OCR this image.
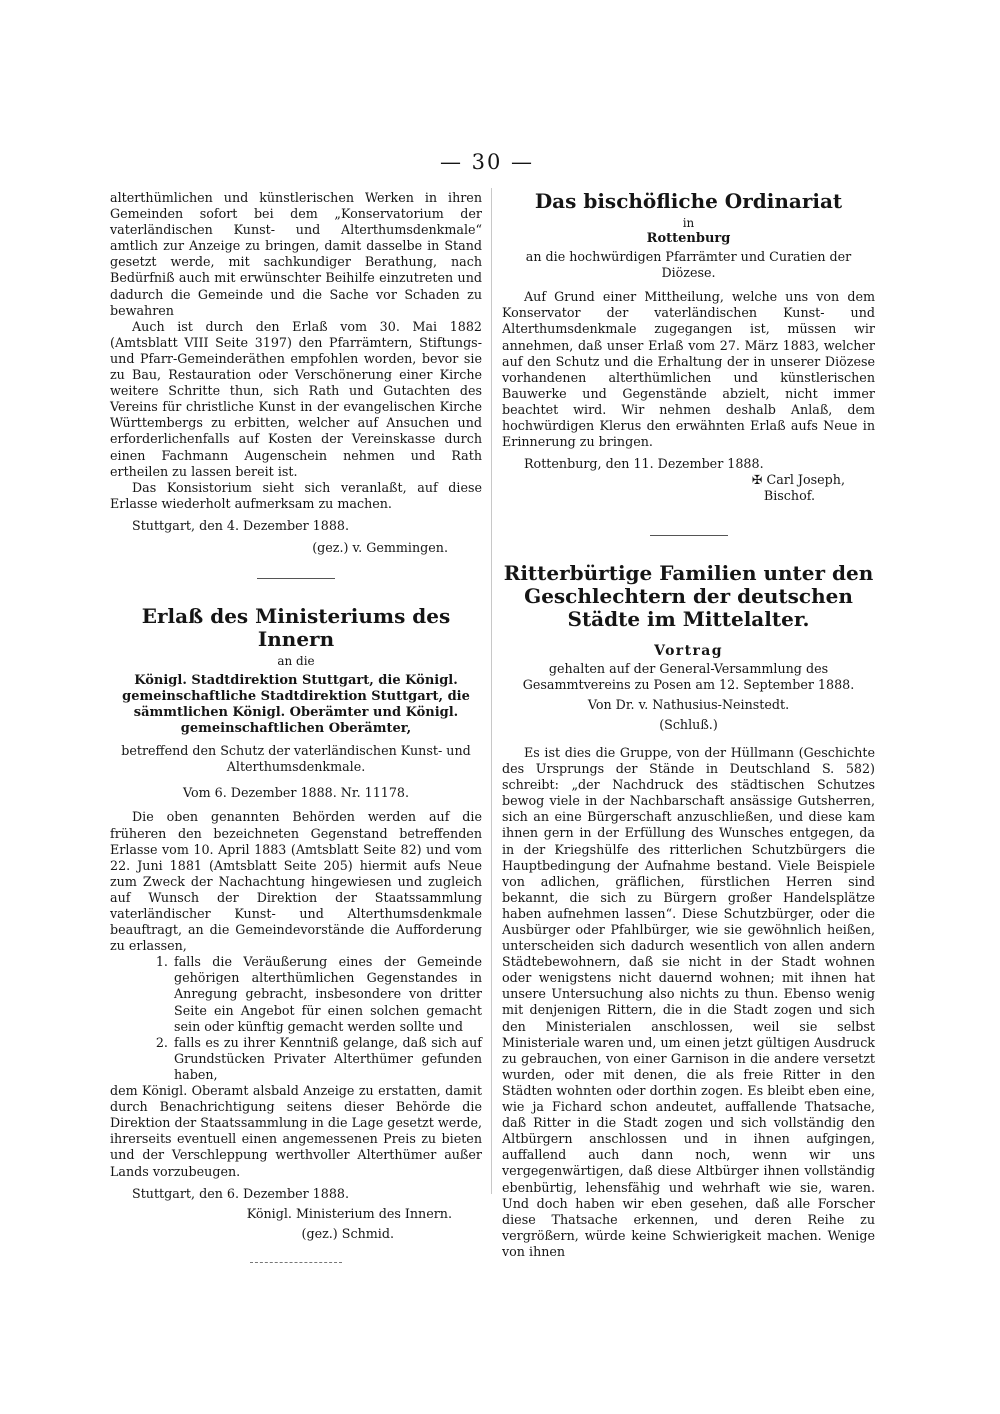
— 30 —

alterthümlichen und künstlerischen Werken in ihren Gemeinden sofort bei dem „Konservatorium der vaterländischen Kunst- und Alterthumsdenkmale“ amtlich zur Anzeige zu bringen, damit dasselbe in Stand gesetzt werde, mit sachkundiger Berathung, nach Bedürfniß auch mit erwünschter Beihilfe einzutreten und dadurch die Gemeinde und die Sache vor Schaden zu bewahren

Auch ist durch den Erlaß vom 30. Mai 1882 (Amtsblatt VIII Seite 3197) den Pfarrämtern, Stiftungs- und Pfarr-Gemeinderäthen empfohlen worden, bevor sie zu Bau, Restauration oder Verschönerung einer Kirche weitere Schritte thun, sich Rath und Gutachten des Vereins für christliche Kunst in der evangelischen Kirche Württembergs zu erbitten, welcher auf Ansuchen und erforderlichenfalls auf Kosten der Vereinskasse durch einen Fachmann Augenschein nehmen und Rath ertheilen zu lassen bereit ist.

Das Konsistorium sieht sich veranlaßt, auf diese Erlasse wiederholt aufmerksam zu machen.

Stuttgart, den 4. Dezember 1888.

(gez.) v. Gemmingen.

Erlaß des Ministeriums des Innern

an die

Königl. Stadtdirektion Stuttgart, die Königl. gemeinschaftliche Stadtdirektion Stuttgart, die sämmtlichen Königl. Oberämter und Königl. gemeinschaftlichen Oberämter,

betreffend den Schutz der vaterländischen Kunst- und Alterthumsdenkmale.

Vom 6. Dezember 1888. Nr. 11178.

Die oben genannten Behörden werden auf die früheren den bezeichneten Gegenstand betreffenden Erlasse vom 10. April 1883 (Amtsblatt Seite 82) und vom 22. Juni 1881 (Amtsblatt Seite 205) hiermit aufs Neue zum Zweck der Nachachtung hingewiesen und zugleich auf Wunsch der Direktion der Staatssammlung vaterländischer Kunst- und Alterthumsdenkmale beauftragt, an die Gemeindevorstände die Aufforderung zu erlassen,

1. falls die Veräußerung eines der Gemeinde gehörigen alterthümlichen Gegenstandes in Anregung gebracht, insbesondere von dritter Seite ein Angebot für einen solchen gemacht sein oder künftig gemacht werden sollte und
2. falls es zu ihrer Kenntniß gelange, daß sich auf Grundstücken Privater Alterthümer gefunden haben,

dem Königl. Oberamt alsbald Anzeige zu erstatten, damit durch Benachrichtigung seitens dieser Behörde die Direktion der Staatssammlung in die Lage gesetzt werde, ihrerseits eventuell einen angemessenen Preis zu bieten und der Verschleppung werthvoller Alterthümer außer Lands vorzubeugen.

Stuttgart, den 6. Dezember 1888.

Königl. Ministerium des Innern.

(gez.) Schmid.

Das bischöfliche Ordinariat

in

Rottenburg

an die hochwürdigen Pfarrämter und Curatien der Diözese.

Auf Grund einer Mittheilung, welche uns von dem Konservator der vaterländischen Kunst- und Alterthumsdenkmale zugegangen ist, müssen wir annehmen, daß unser Erlaß vom 27. März 1883, welcher auf den Schutz und die Erhaltung der in unserer Diözese vorhandenen alterthümlichen und künstlerischen Bauwerke und Gegenstände abzielt, nicht immer beachtet wird. Wir nehmen deshalb Anlaß, dem hochwürdigen Klerus den erwähnten Erlaß aufs Neue in Erinnerung zu bringen.

Rottenburg, den 11. Dezember 1888.

✠ Carl Joseph,

Bischof.

Ritterbürtige Familien unter den Geschlechtern der deutschen Städte im Mittelalter.

Vortrag

gehalten auf der General-Versammlung des Gesammtvereins zu Posen am 12. September 1888.

Von Dr. v. Nathusius-Neinstedt.

(Schluß.)

Es ist dies die Gruppe, von der Hüllmann (Geschichte des Ursprungs der Stände in Deutschland S. 582) schreibt: „der Nachdruck des städtischen Schutzes bewog viele in der Nachbarschaft ansässige Gutsherren, sich an eine Bürgerschaft anzuschließen, und diese kam ihnen gern in der Erfüllung des Wunsches entgegen, da in der Kriegshülfe des ritterlichen Schutzbürgers die Hauptbedingung der Aufnahme bestand. Viele Beispiele von adlichen, gräflichen, fürstlichen Herren sind bekannt, die sich zu Bürgern großer Handelsplätze haben aufnehmen lassen“. Diese Schutzbürger, oder die Ausbürger oder Pfahlbürger, wie sie gewöhnlich heißen, unterscheiden sich dadurch wesentlich von allen andern Städtebewohnern, daß sie nicht in der Stadt wohnen oder wenigstens nicht dauernd wohnen; mit ihnen hat unsere Untersuchung also nichts zu thun. Ebenso wenig mit denjenigen Rittern, die in die Stadt zogen und sich den Ministerialen anschlossen, weil sie selbst Ministeriale waren und, um einen jetzt gültigen Ausdruck zu gebrauchen, von einer Garnison in die andere versetzt wurden, oder mit denen, die als freie Ritter in den Städten wohnten oder dorthin zogen. Es bleibt eben eine, wie ja Fichard schon andeutet, auffallende Thatsache, daß Ritter in die Stadt zogen und sich vollständig den Altbürgern anschlossen und in ihnen aufgingen, auffallend auch dann noch, wenn wir uns vergegenwärtigen, daß diese Altbürger ihnen vollständig ebenbürtig, lehensfähig und wehrhaft wie sie, waren. Und doch haben wir eben gesehen, daß alle Forscher diese Thatsache erkennen, und deren Reihe zu vergrößern, würde keine Schwierigkeit machen. Wenige von ihnen
